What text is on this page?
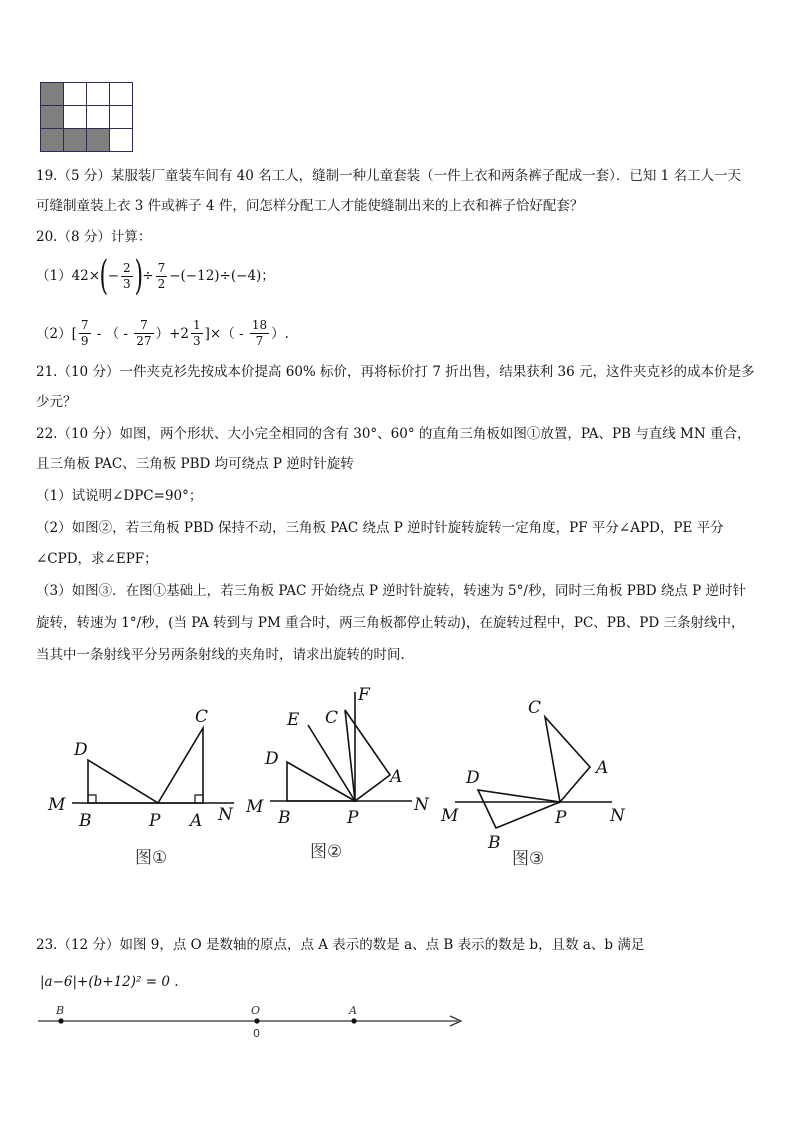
19.（5 分）某服装厂童装车间有 40 名工人，缝制一种儿童套装（一件上衣和两条裤子配成一套）．已知 1 名工人一天
可缝制童装上衣 3 件或裤子 4 件，问怎样分配工人才能使缝制出来的上衣和裤子恰好配套？
20.（8 分）计算：
（1） 42× ( − $\frac{2}{3}$ ) ÷ $\frac{7}{2} -(-12)\div(-4)$；
$(2)[ \frac{7}{9}$ - （ - $\frac{7}{27} )+2 \frac{1}{3}$ ]×（ - $\frac{18}{7}$ ）.
21.（10 分）一件夹克衫先按成本价提高 60% 标价，再将标价打 7 折出售，结果获利 36 元，这件夹克衫的成本价是多
少元？
22.（10 分）如图，两个形状、大小完全相同的含有 30°、60° 的直角三角板如图①放置，PA、PB 与直线 MN 重合，
且三角板 PAC、三角板 PBD 均可绕点 P 逆时针旋转
（1）试说明∠DPC=90°；
（2）如图②，若三角板 PBD 保持不动，三角板 PAC 绕点 P 逆时针旋转旋转一定角度，PF 平分∠APD，PE 平分
∠CPD，求∠EPF；
（3）如图③．在图①基础上，若三角板 PAC 开始绕点 P 逆时针旋转，转速为 5°/秒，同时三角板 PBD 绕点 P 逆时针
旋转，转速为 1°/秒，(当 PA 转到与 PM 重合时，两三角板都停止转动)，在旋转过程中，PC、PB、PD 三条射线中，
当其中一条射线平分另两条射线的夹角时，请求出旋转的时间.
D
C
M
B	P A N
E C
F
D
A
M
B	P
N
C
A
D
M	P	N
B
图①	图②	图③
23.（12 分）如图 9，点 O 是数轴的原点，点 A 表示的数是 a、点 B 表示的数是 b，且数 a、b 满足
|a−6|+(b+12)² = 0 .
B	O	A
0
